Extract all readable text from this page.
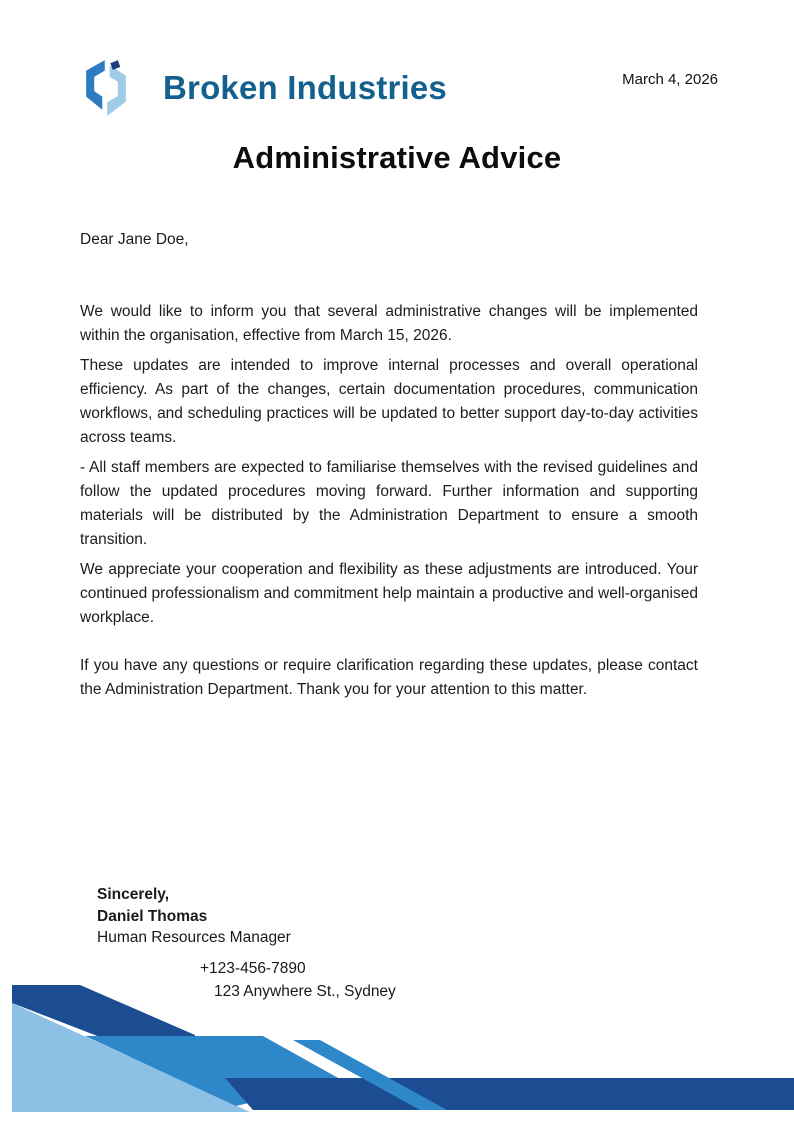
Broken Industries	March 4, 2026
Administrative Advice
Dear Jane Doe,

We would like to inform you that several administrative changes will be implemented within the organisation, effective from March 15, 2026.

These updates are intended to improve internal processes and overall operational efficiency. As part of the changes, certain documentation procedures, communication workflows, and scheduling practices will be updated to better support day-to-day activities across teams.

- All staff members are expected to familiarise themselves with the revised guidelines and follow the updated procedures moving forward. Further information and supporting materials will be distributed by the Administration Department to ensure a smooth transition.

We appreciate your cooperation and flexibility as these adjustments are introduced. Your continued professionalism and commitment help maintain a productive and well-organised workplace.

If you have any questions or require clarification regarding these updates, please contact the Administration Department. Thank you for your attention to this matter.

Sincerely,
Daniel Thomas
Human Resources Manager
+123-456-7890
123 Anywhere St., Sydney
